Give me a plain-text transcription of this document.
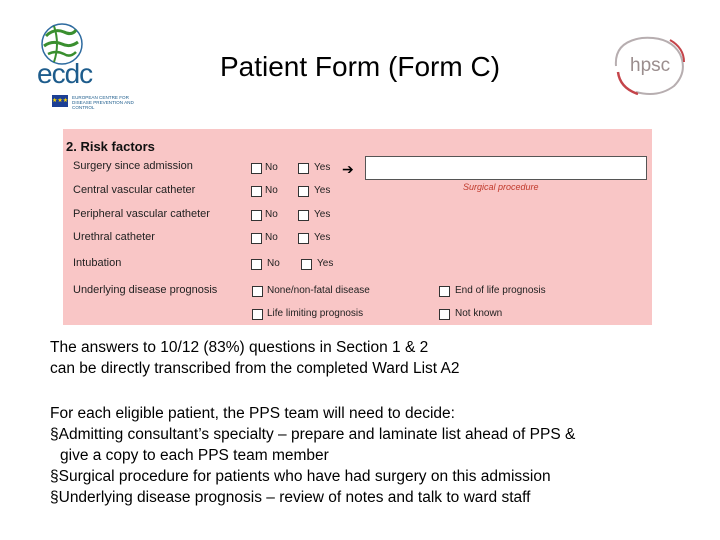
ecdc
★★★
EUROPEAN CENTRE FOR DISEASE PREVENTION AND CONTROL
Patient Form (Form C)	hpsc
2. Risk factors
Surgery since admission	No	Yes ➔
Surgical procedure
Central vascular catheter	No	Yes
Peripheral vascular catheter	No	Yes
Urethral catheter	No	Yes
Intubation	No	Yes
Underlying disease prognosis	None/non-fatal disease	End of life prognosis
Life limiting prognosis	Not known
The answers to 10/12 (83%) questions in Section 1 & 2
can be directly transcribed from the completed Ward List A2
For each eligible patient, the PPS team will need to decide:
§Admitting consultant’s specialty – prepare and laminate list ahead of PPS &
give a copy to each PPS team member
§Surgical procedure for patients who have had surgery on this admission
§Underlying disease prognosis – review of notes and talk to ward staff
